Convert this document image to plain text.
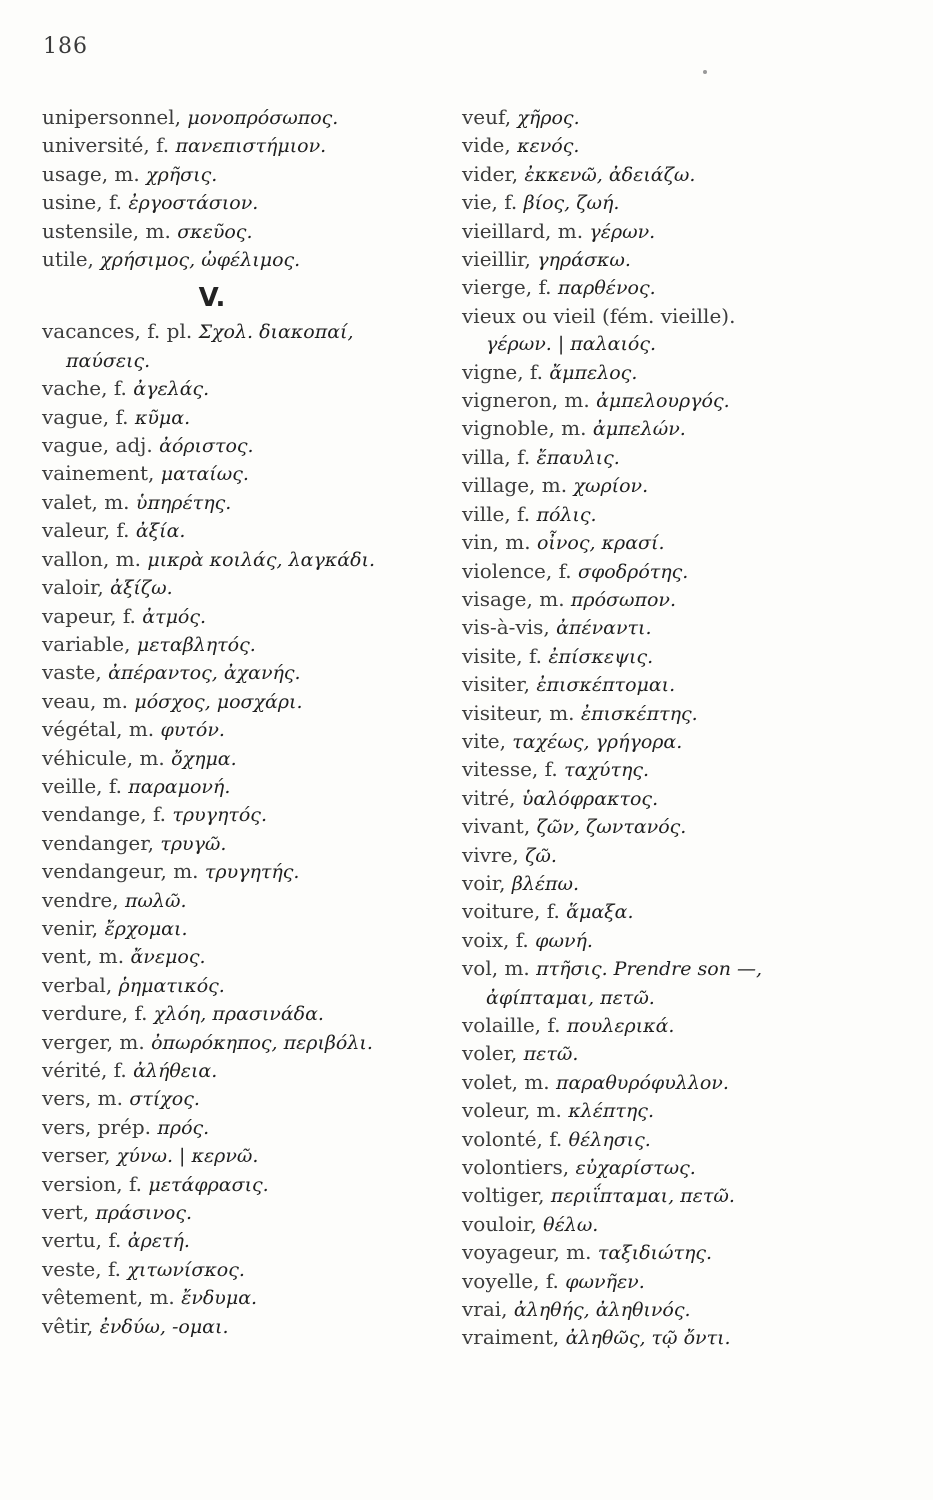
186

unipersonnel, μονοπρόσωπος.

université, f. πανεπιστήμιον.

usage, m. χρῆσις.

usine, f. ἐργοστάσιον.

ustensile, m. σκεῦος.

utile, χρήσιμος, ὠφέλιμος.

V.

vacances, f. pl. Σχολ. διακοπαί,

παύσεις.

vache, f. ἀγελάς.

vague, f. κῦμα.

vague, adj. ἀόριστος.

vainement, ματαίως.

valet, m. ὑπηρέτης.

valeur, f. ἀξία.

vallon, m. μικρὰ κοιλάς, λαγκάδι.

valoir, ἀξίζω.

vapeur, f. ἀτμός.

variable, μεταβλητός.

vaste, ἀπέραντος, ἀχανής.

veau, m. μόσχος, μοσχάρι.

végétal, m. φυτόν.

véhicule, m. ὄχημα.

veille, f. παραμονή.

vendange, f. τρυγητός.

vendanger, τρυγῶ.

vendangeur, m. τρυγητής.

vendre, πωλῶ.

venir, ἔρχομαι.

vent, m. ἄνεμος.

verbal, ῥηματικός.

verdure, f. χλόη, πρασινάδα.

verger, m. ὀπωρόκηπος, περιβόλι.

vérité, f. ἀλήθεια.

vers, m. στίχος.

vers, prép. πρός.

verser, χύνω. | κερνῶ.

version, f. μετάφρασις.

vert, πράσινος.

vertu, f. ἀρετή.

veste, f. χιτωνίσκος.

vêtement, m. ἔνδυμα.

vêtir, ἐνδύω, -ομαι.

veuf, χῆρος.

vide, κενός.

vider, ἐκκενῶ, ἀδειάζω.

vie, f. βίος, ζωή.

vieillard, m. γέρων.

vieillir, γηράσκω.

vierge, f. παρθένος.

vieux ou vieil (fém. vieille).

γέρων. | παλαιός.

vigne, f. ἄμπελος.

vigneron, m. ἀμπελουργός.

vignoble, m. ἀμπελών.

villa, f. ἔπαυλις.

village, m. χωρίον.

ville, f. πόλις.

vin, m. οἶνος, κρασί.

violence, f. σφοδρότης.

visage, m. πρόσωπον.

vis-à-vis, ἀπέναντι.

visite, f. ἐπίσκεψις.

visiter, ἐπισκέπτομαι.

visiteur, m. ἐπισκέπτης.

vite, ταχέως, γρήγορα.

vitesse, f. ταχύτης.

vitré, ὑαλόφρακτος.

vivant, ζῶν, ζωντανός.

vivre, ζῶ.

voir, βλέπω.

voiture, f. ἅμαξα.

voix, f. φωνή.

vol, m. πτῆσις. Prendre son —,

ἀφίπταμαι, πετῶ.

volaille, f. πουλερικά.

voler, πετῶ.

volet, m. παραθυρόφυλλον.

voleur, m. κλέπτης.

volonté, f. θέλησις.

volontiers, εὐχαρίστως.

voltiger, περιΐπταμαι, πετῶ.

vouloir, θέλω.

voyageur, m. ταξιδιώτης.

voyelle, f. φωνῆεν.

vrai, ἀληθής, ἀληθινός.

vraiment, ἀληθῶς, τῷ ὄντι.
